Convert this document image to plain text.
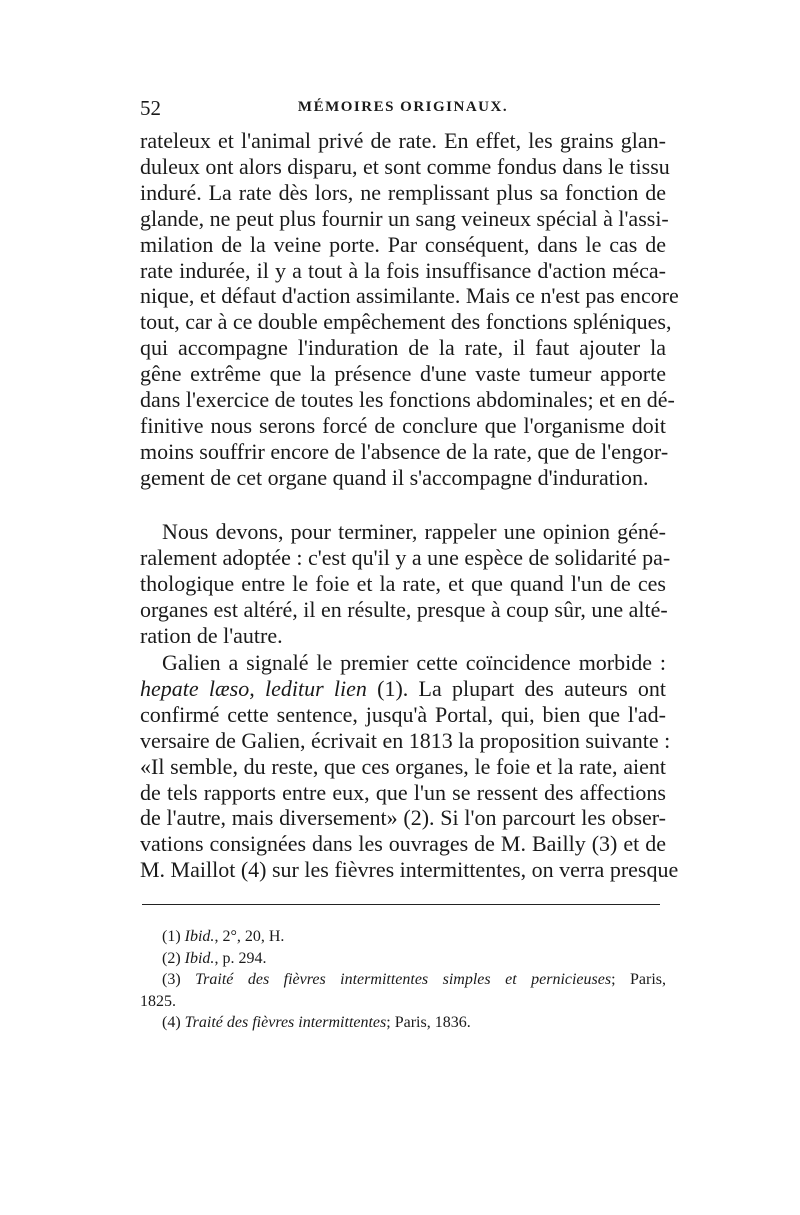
52	MÉMOIRES ORIGINAUX.
rateleux et l'animal privé de rate. En effet, les grains glan-
duleux ont alors disparu, et sont comme fondus dans le tissu
induré. La rate dès lors, ne remplissant plus sa fonction de
glande, ne peut plus fournir un sang veineux spécial à l'assi-
milation de la veine porte. Par conséquent, dans le cas de
rate indurée, il y a tout à la fois insuffisance d'action méca-
nique, et défaut d'action assimilante. Mais ce n'est pas encore
tout, car à ce double empêchement des fonctions spléniques,
qui accompagne l'induration de la rate, il faut ajouter la
gêne extrême que la présence d'une vaste tumeur apporte
dans l'exercice de toutes les fonctions abdominales; et en dé-
finitive nous serons forcé de conclure que l'organisme doit
moins souffrir encore de l'absence de la rate, que de l'engor-
gement de cet organe quand il s'accompagne d'induration.
Nous devons, pour terminer, rappeler une opinion géné-
ralement adoptée : c'est qu'il y a une espèce de solidarité pa-
thologique entre le foie et la rate, et que quand l'un de ces
organes est altéré, il en résulte, presque à coup sûr, une alté-
ration de l'autre.
Galien a signalé le premier cette coïncidence morbide :
hepate læso, leditur lien (1). La plupart des auteurs ont
confirmé cette sentence, jusqu'à Portal, qui, bien que l'ad-
versaire de Galien, écrivait en 1813 la proposition suivante :
«Il semble, du reste, que ces organes, le foie et la rate, aient
de tels rapports entre eux, que l'un se ressent des affections
de l'autre, mais diversement» (2). Si l'on parcourt les obser-
vations consignées dans les ouvrages de M. Bailly (3) et de
M. Maillot (4) sur les fièvres intermittentes, on verra presque
(1) Ibid., 2°, 20, H.
(2) Ibid., p. 294.
(3) Traité des fièvres intermittentes simples et pernicieuses; Paris,
1825.
(4) Traité des fièvres intermittentes; Paris, 1836.
